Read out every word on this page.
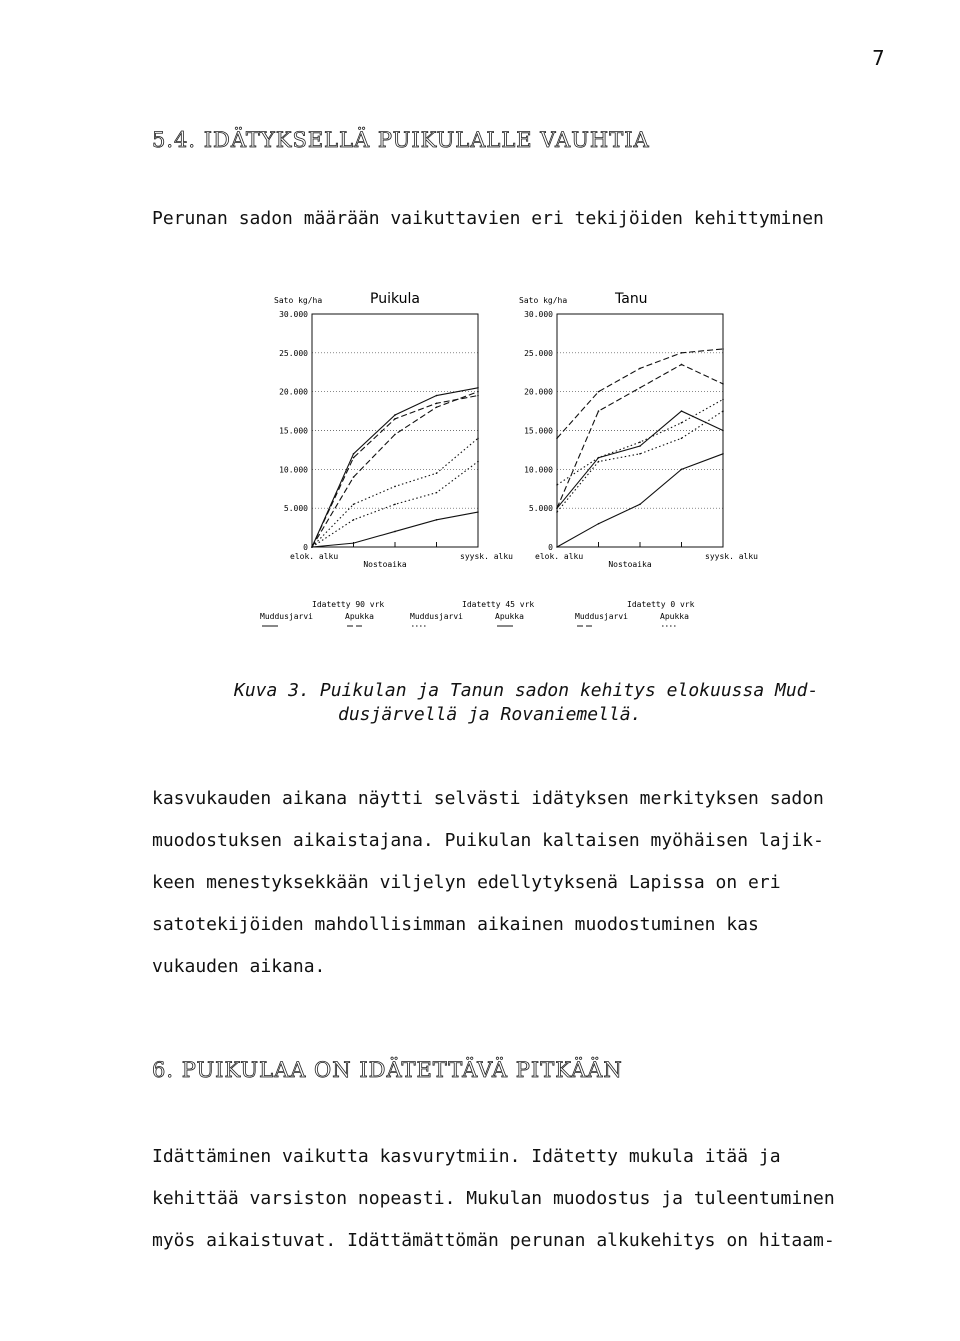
7
5.4. IDÄTYKSELLÄ PUIKULALLE VAUHTIA
Perunan sadon määrään vaikuttavien eri tekijöiden kehittyminen
Puikula
Sato kg/ha
0
5.000
10.000
15.000
20.000
25.000
30.000
elok. alku	syysk. alku
Nostoaika
Tanu
Sato kg/ha
0
5.000
10.000
15.000
20.000
25.000
30.000
elok. alku	syysk. alku
Nostoaika
Idatetty 90 vrk
Muddusjarvi	Apukka
Idatetty 45 vrk
Muddusjarvi	Apukka
Idatetty 0 vrk
Muddusjarvi	Apukka
Kuva 3. Puikulan ja Tanun sadon kehitys elokuussa Mud-
dusjärvellä ja Rovaniemellä.
kasvukauden aikana näytti selvästi idätyksen merkityksen sadon
muodostuksen aikaistajana. Puikulan kaltaisen myöhäisen lajik-
keen menestyksekkään viljelyn edellytyksenä Lapissa on eri
satotekijöiden mahdollisimman aikainen muodostuminen kas
vukauden aikana.
6. PUIKULAA ON IDÄTETTÄVÄ PITKÄÄN
Idättäminen vaikutta kasvurytmiin. Idätetty mukula itää ja
kehittää varsiston nopeasti. Mukulan muodostus ja tuleentuminen
myös aikaistuvat. Idättämättömän perunan alkukehitys on hitaam-
